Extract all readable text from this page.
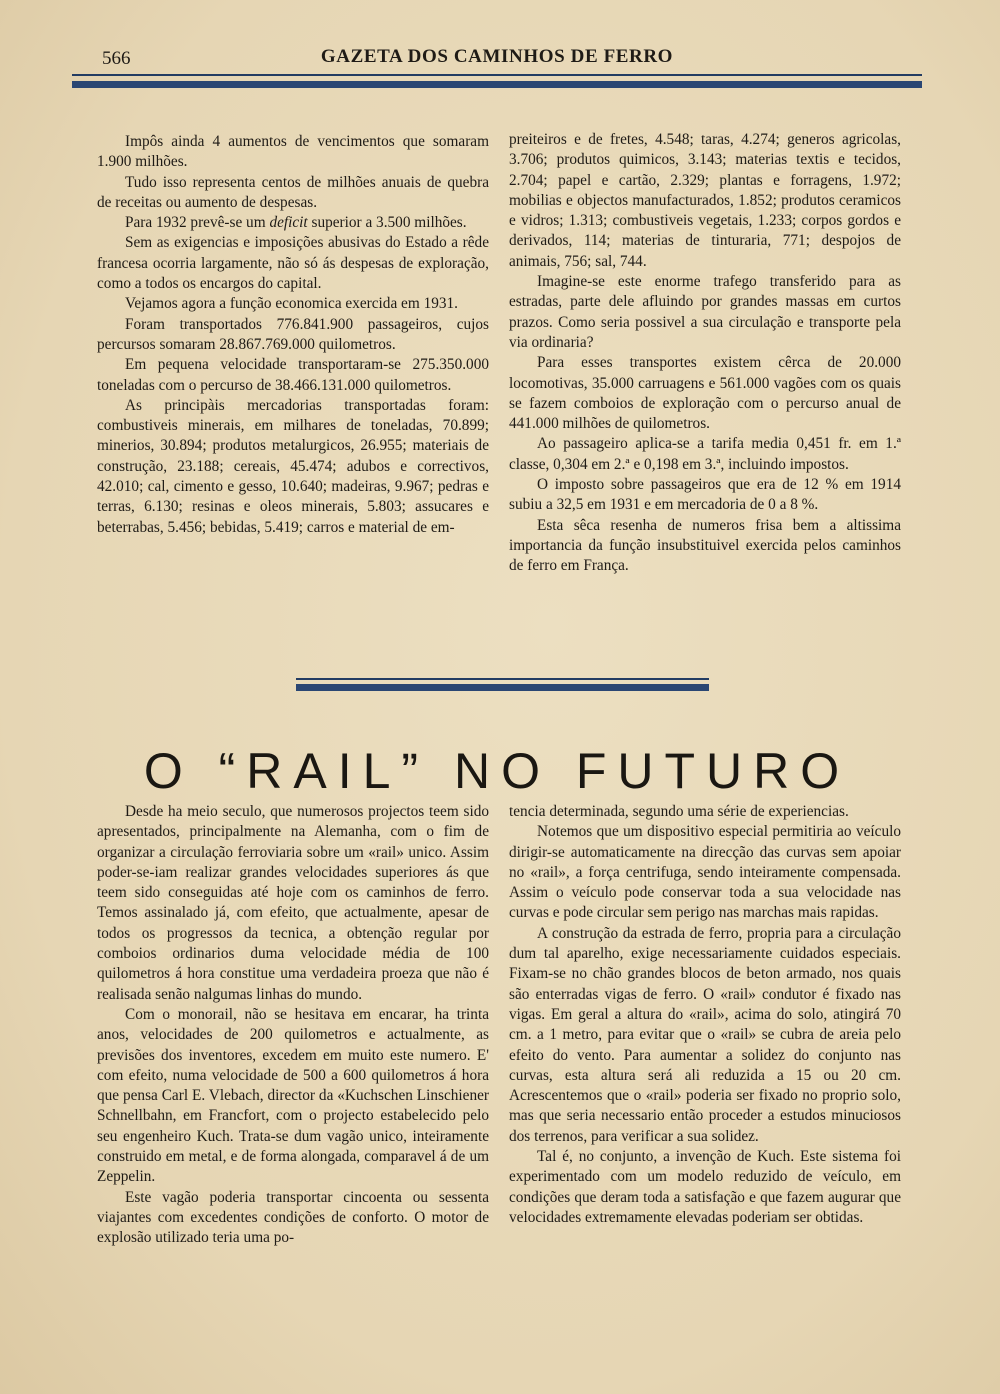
566	GAZETA DOS CAMINHOS DE FERRO

Impôs ainda 4 aumentos de vencimentos que somaram 1.900 milhões.

Tudo isso representa centos de milhões anuais de quebra de receitas ou aumento de despesas.

Para 1932 prevê-se um deficit superior a 3.500 milhões.

Sem as exigencias e imposições abusivas do Estado a rêde francesa ocorria largamente, não só ás despesas de exploração, como a todos os encargos do capital.

Vejamos agora a função economica exercida em 1931.

Foram transportados 776.841.900 passageiros, cujos percursos somaram 28.867.769.000 quilometros.

Em pequena velocidade transportaram-se 275.350.000 toneladas com o percurso de 38.466.131.000 quilometros.

As principàis mercadorias transportadas foram: combustiveis minerais, em milhares de toneladas, 70.899; minerios, 30.894; produtos metalurgicos, 26.955; materiais de construção, 23.188; cereais, 45.474; adubos e correctivos, 42.010; cal, cimento e gesso, 10.640; madeiras, 9.967; pedras e terras, 6.130; resinas e oleos minerais, 5.803; assucares e beterrabas, 5.456; bebidas, 5.419; carros e material de em-

preiteiros e de fretes, 4.548; taras, 4.274; generos agricolas, 3.706; produtos quimicos, 3.143; materias textis e tecidos, 2.704; papel e cartão, 2.329; plantas e forragens, 1.972; mobilias e objectos manufacturados, 1.852; produtos ceramicos e vidros; 1.313; combustiveis vegetais, 1.233; corpos gordos e derivados, 114; materias de tinturaria, 771; despojos de animais, 756; sal, 744.

Imagine-se este enorme trafego transferido para as estradas, parte dele afluindo por grandes massas em curtos prazos. Como seria possivel a sua circulação e transporte pela via ordinaria?

Para esses transportes existem cêrca de 20.000 locomotivas, 35.000 carruagens e 561.000 vagões com os quais se fazem comboios de exploração com o percurso anual de 441.000 milhões de quilometros.

Ao passageiro aplica-se a tarifa media 0,451 fr. em 1.ª classe, 0,304 em 2.ª e 0,198 em 3.ª, incluindo impostos.

O imposto sobre passageiros que era de 12 % em 1914 subiu a 32,5 em 1931 e em mercadoria de 0 a 8 %.

Esta sêca resenha de numeros frisa bem a altissima importancia da função insubstituivel exercida pelos caminhos de ferro em França.

O “RAIL” NO FUTURO

Desde ha meio seculo, que numerosos projectos teem sido apresentados, principalmente na Alemanha, com o fim de organizar a circulação ferroviaria sobre um «rail» unico. Assim poder-se-iam realizar grandes velocidades superiores ás que teem sido conseguidas até hoje com os caminhos de ferro. Temos assinalado já, com efeito, que actualmente, apesar de todos os progressos da tecnica, a obtenção regular por comboios ordinarios duma velocidade média de 100 quilometros á hora constitue uma verdadeira proeza que não é realisada senão nalgumas linhas do mundo.

Com o monorail, não se hesitava em encarar, ha trinta anos, velocidades de 200 quilometros e actualmente, as previsões dos inventores, excedem em muito este numero. E' com efeito, numa velocidade de 500 a 600 quilometros á hora que pensa Carl E. Vlebach, director da «Kuchschen Linschiener Schnellbahn, em Francfort, com o projecto estabelecido pelo seu engenheiro Kuch. Trata-se dum vagão unico, inteiramente construido em metal, e de forma alongada, comparavel á de um Zeppelin.

Este vagão poderia transportar cincoenta ou sessenta viajantes com excedentes condições de conforto. O motor de explosão utilizado teria uma po-

tencia determinada, segundo uma série de experiencias.

Notemos que um dispositivo especial permitiria ao veículo dirigir-se automaticamente na direcção das curvas sem apoiar no «rail», a força centrifuga, sendo inteiramente compensada. Assim o veículo pode conservar toda a sua velocidade nas curvas e pode circular sem perigo nas marchas mais rapidas.

A construção da estrada de ferro, propria para a circulação dum tal aparelho, exige necessariamente cuidados especiais. Fixam-se no chão grandes blocos de beton armado, nos quais são enterradas vigas de ferro. O «rail» condutor é fixado nas vigas. Em geral a altura do «rail», acima do solo, atingirá 70 cm. a 1 metro, para evitar que o «rail» se cubra de areia pelo efeito do vento. Para aumentar a solidez do conjunto nas curvas, esta altura será ali reduzida a 15 ou 20 cm. Acrescentemos que o «rail» poderia ser fixado no proprio solo, mas que seria necessario então proceder a estudos minuciosos dos terrenos, para verificar a sua solidez.

Tal é, no conjunto, a invenção de Kuch. Este sistema foi experimentado com um modelo reduzido de veículo, em condições que deram toda a satisfação e que fazem augurar que velocidades extremamente elevadas poderiam ser obtidas.
